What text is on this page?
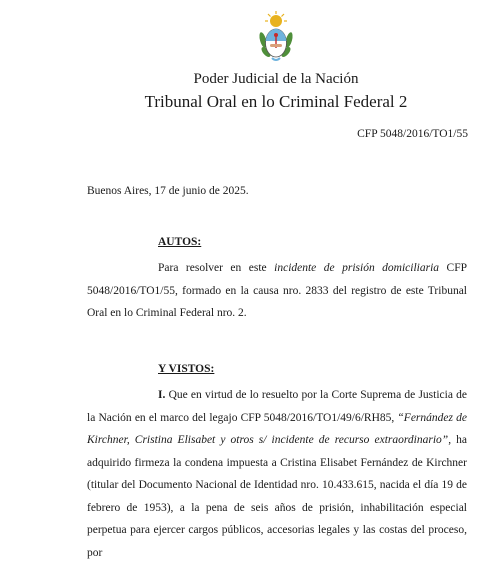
Poder Judicial de la Nación
Tribunal Oral en lo Criminal Federal 2
CFP 5048/2016/TO1/55
Buenos Aires, 17 de junio de 2025.
AUTOS:
Para resolver en este incidente de prisión domiciliaria CFP 5048/2016/TO1/55, formado en la causa nro. 2833 del registro de este Tribunal Oral en lo Criminal Federal nro. 2.
Y VISTOS:
I. Que en virtud de lo resuelto por la Corte Suprema de Justicia de la Nación en el marco del legajo CFP 5048/2016/TO1/49/6/RH85, “Fernández de Kirchner, Cristina Elisabet y otros s/ incidente de recurso extraordinario”, ha adquirido firmeza la condena impuesta a Cristina Elisabet Fernández de Kirchner (titular del Documento Nacional de Identidad nro. 10.433.615, nacida el día 19 de febrero de 1953), a la pena de seis años de prisión, inhabilitación especial perpetua para ejercer cargos públicos, accesorias legales y las costas del proceso, por
